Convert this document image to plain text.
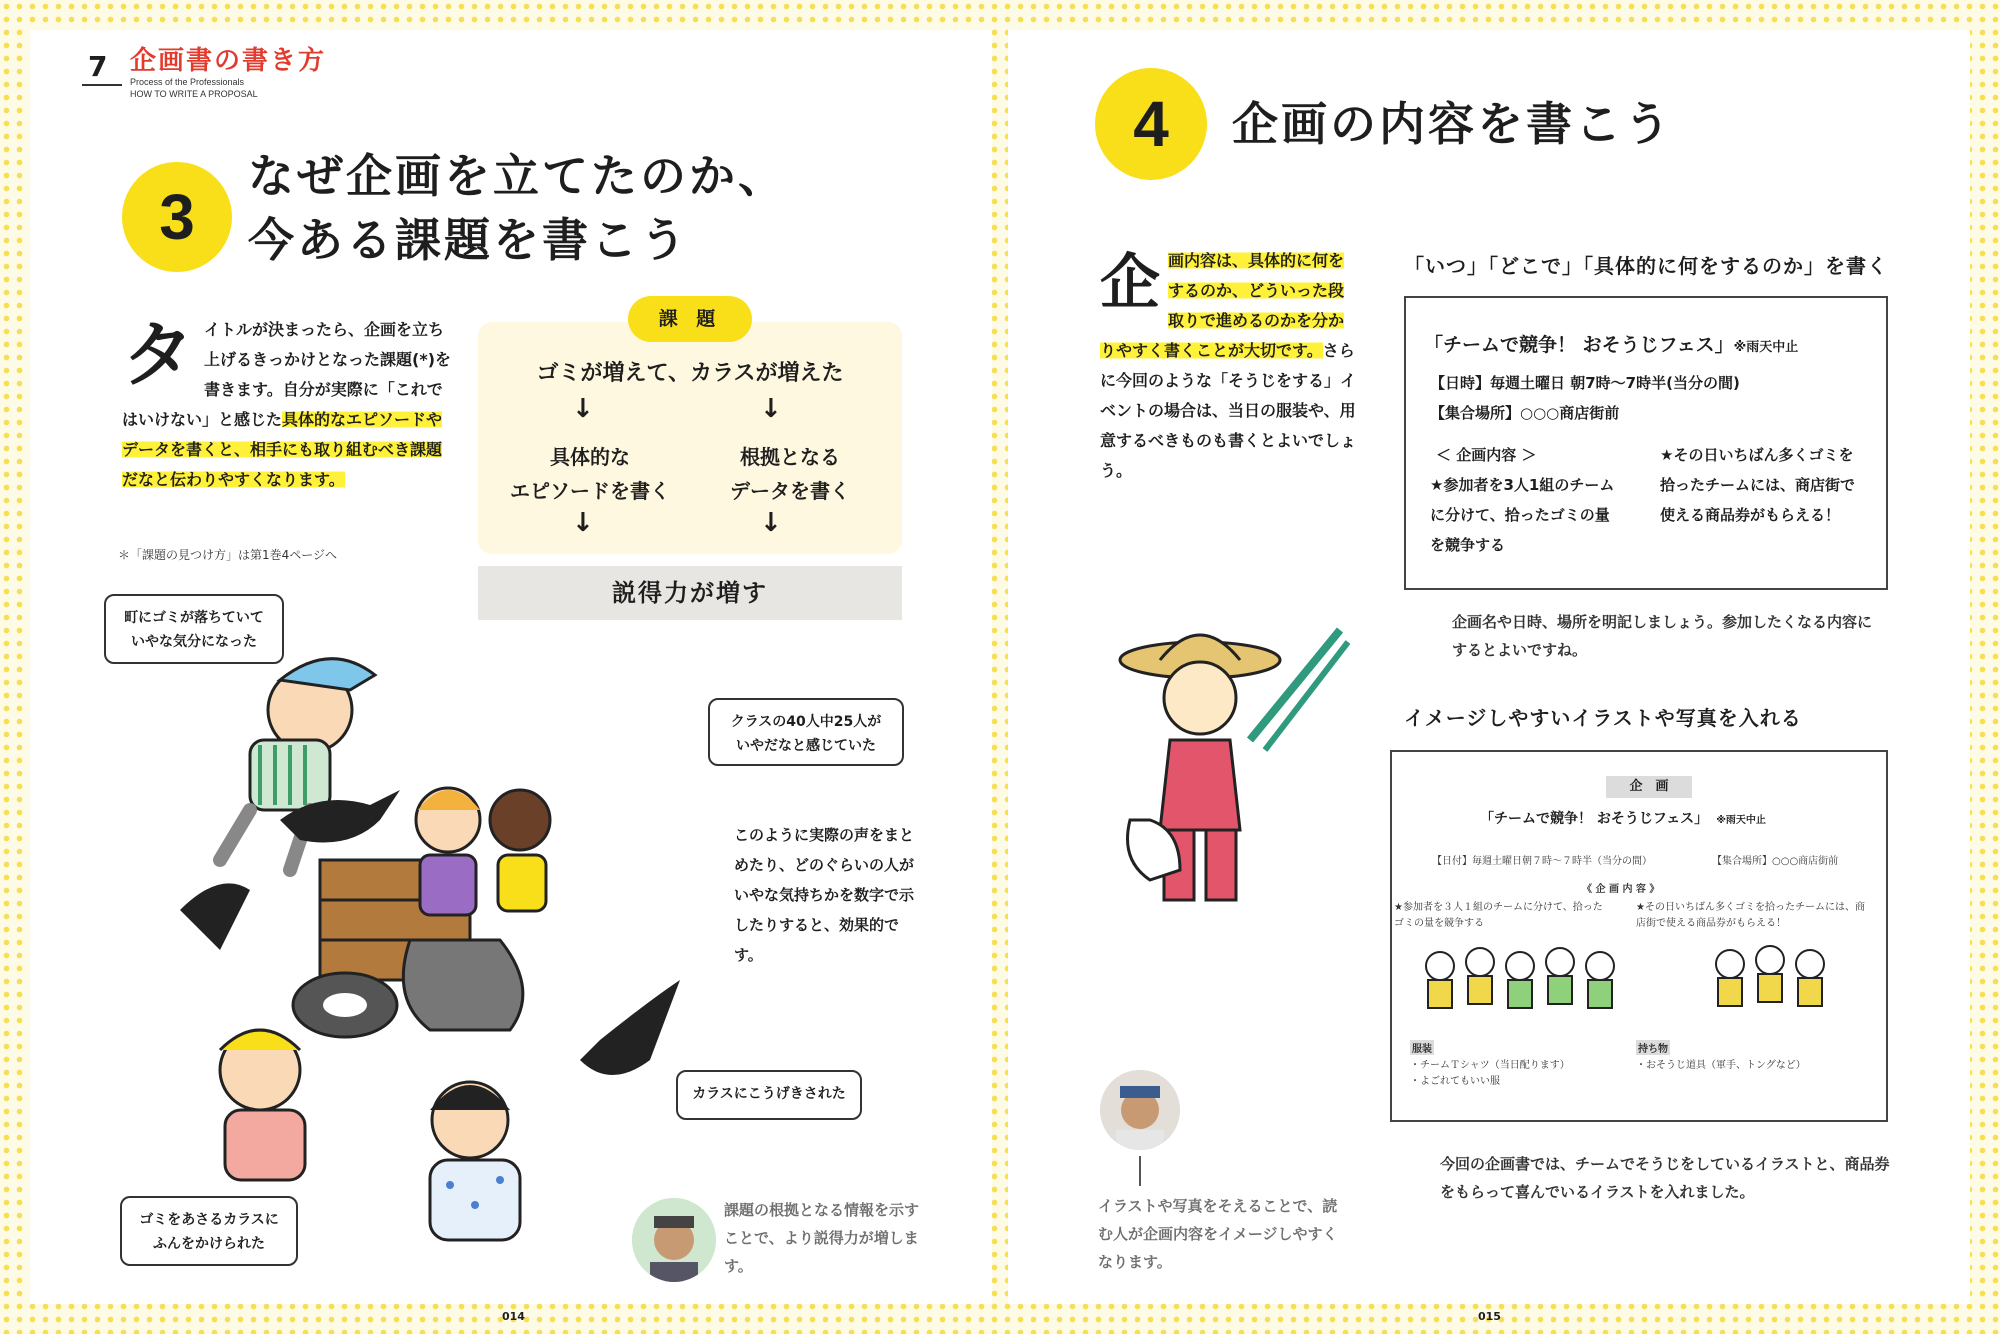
7 企画書の書き方
Process of the Professionals
HOW TO WRITE A PROPOSAL
3
なぜ企画を立てたのか、
今ある課題を書こう
タイトルが決まったら、企画を立ち上げるきっかけとなった課題(*)を書きます。自分が実際に「これではいけない」と感じた具体的なエピソードやデータを書くと、相手にも取り組むべき課題だなと伝わりやすくなります。
＊「課題の見つけ方」は第1巻4ページへ
課 題
ゴミが増えて、カラスが増えた
↓	↓
具体的な
エピソードを書く
根拠となる
データを書く
↓	↓
説得力が増す
町にゴミが落ちていて
いやな気分になった
クラスの40人中25人が
いやだなと感じていた
カラスにこうげきされた
ゴミをあさるカラスに
ふんをかけられた
このように実際の声をまとめたり、どのぐらいの人がいやな気持ちかを数字で示したりすると、効果的です。
課題の根拠となる情報を示すことで、より説得力が増します。
014
4	企画の内容を書こう
企画内容は、具体的に何をするのか、どういった段取りで進めるのかを分かりやすく書くことが大切です。さらに今回のような「そうじをする」イベントの場合は、当日の服装や、用意するべきものも書くとよいでしょう。
「いつ」「どこで」「具体的に何をするのか」を書く
「チームで競争！ おそうじフェス」※雨天中止
【日時】毎週土曜日 朝7時～7時半(当分の間)
【集合場所】○○○商店街前
＜ 企画内容 ＞
★参加者を3人1組のチームに分けて、拾ったゴミの量を競争する
★その日いちばん多くゴミを拾ったチームには、商店街で使える商品券がもらえる！
企画名や日時、場所を明記しましょう。参加したくなる内容にするとよいですね。
イメージしやすいイラストや写真を入れる
企　画
「チームで競争！ おそうじフェス」 ※雨天中止
【日付】毎週土曜日朝７時～７時半（当分の間）	【集合場所】○○○商店街前
《 企 画 内 容 》
★参加者を３人１組のチームに分けて、拾ったゴミの量を競争する
★その日いちばん多くゴミを拾ったチームには、商店街で使える商品券がもらえる！
服装
・チームＴシャツ（当日配ります）
・よごれてもいい服
持ち物
・おそうじ道具（軍手、トングなど）
今回の企画書では、チームでそうじをしているイラストと、商品券をもらって喜んでいるイラストを入れました。
イラストや写真をそえることで、読む人が企画内容をイメージしやすくなります。
015
